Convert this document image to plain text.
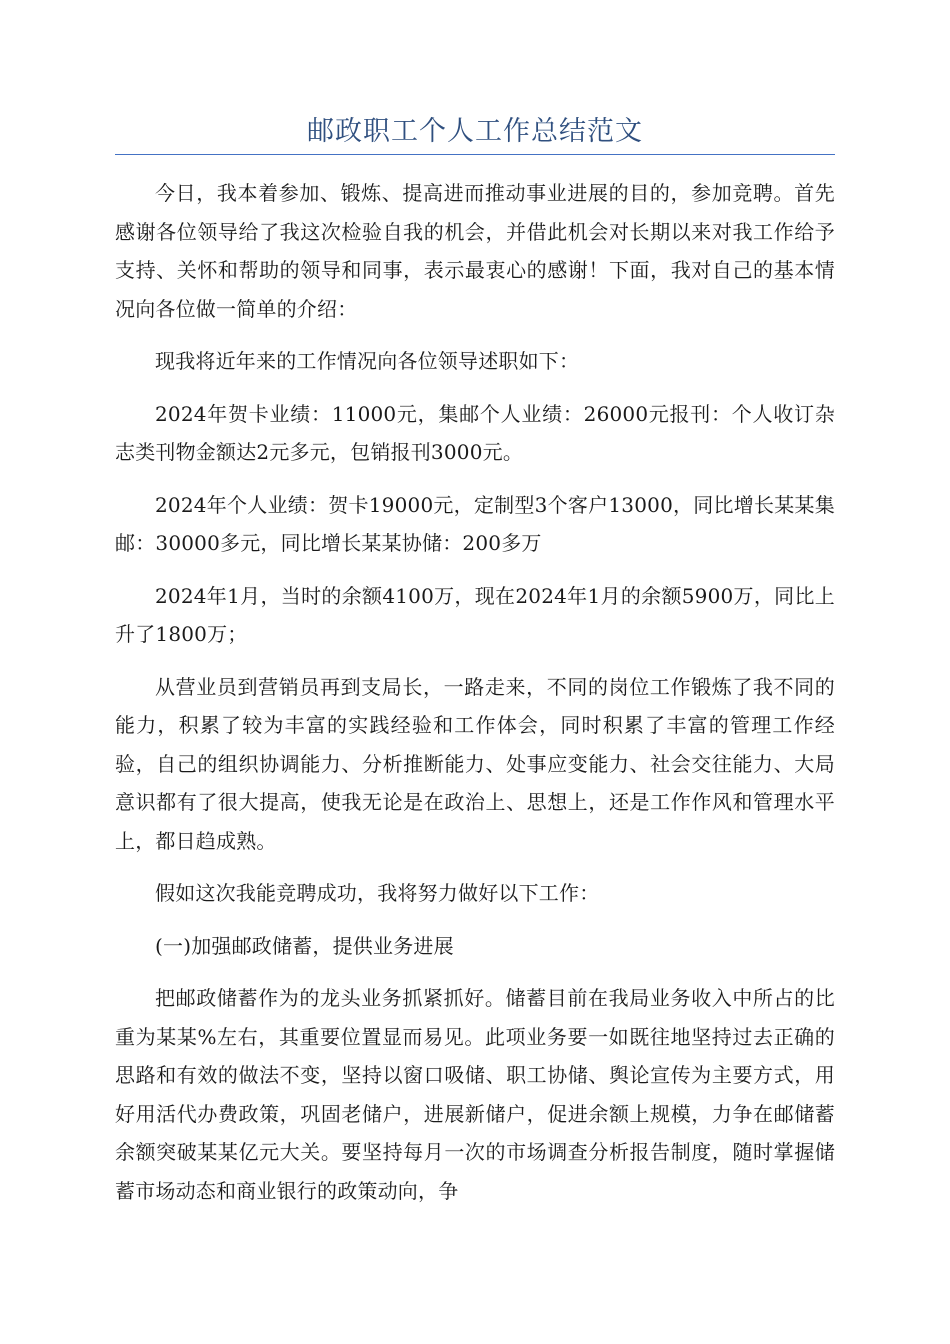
邮政职工个人工作总结范文

今日，我本着参加、锻炼、提高进而推动事业进展的目的，参加竞聘。首先感谢各位领导给了我这次检验自我的机会，并借此机会对长期以来对我工作给予支持、关怀和帮助的领导和同事，表示最衷心的感谢！下面，我对自己的基本情况向各位做一简单的介绍：

现我将近年来的工作情况向各位领导述职如下：

2024年贺卡业绩：11000元，集邮个人业绩：26000元报刊：个人收订杂志类刊物金额达2元多元，包销报刊3000元。

2024年个人业绩：贺卡19000元，定制型3个客户13000，同比增长某某集邮：30000多元，同比增长某某协储：200多万

2024年1月，当时的余额4100万，现在2024年1月的余额5900万，同比上升了1800万；

从营业员到营销员再到支局长，一路走来，不同的岗位工作锻炼了我不同的能力，积累了较为丰富的实践经验和工作体会，同时积累了丰富的管理工作经验，自己的组织协调能力、分析推断能力、处事应变能力、社会交往能力、大局意识都有了很大提高，使我无论是在政治上、思想上，还是工作作风和管理水平上，都日趋成熟。

假如这次我能竞聘成功，我将努力做好以下工作：

(一)加强邮政储蓄，提供业务进展

把邮政储蓄作为的龙头业务抓紧抓好。储蓄目前在我局业务收入中所占的比重为某某%左右，其重要位置显而易见。此项业务要一如既往地坚持过去正确的思路和有效的做法不变，坚持以窗口吸储、职工协储、舆论宣传为主要方式，用好用活代办费政策，巩固老储户，进展新储户，促进余额上规模，力争在邮储蓄余额突破某某亿元大关。要坚持每月一次的市场调查分析报告制度，随时掌握储蓄市场动态和商业银行的政策动向，争
